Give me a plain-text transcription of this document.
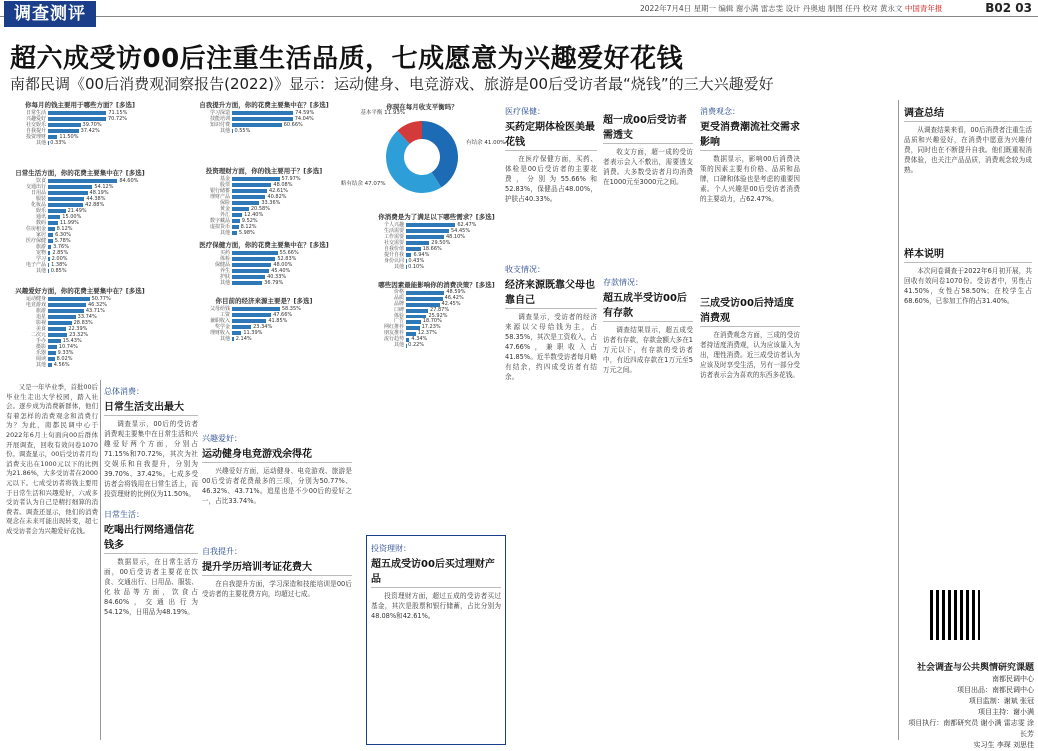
2022年7月4日 星期一 编辑 谢小满 雷志雯 设计 丹奥迪 制图 任丹 校对 黄永文 中国青年报	B02 03
调查测评
超六成受访00后注重生活品质，七成愿意为兴趣爱好花钱
南都民调《00后消费观洞察报告(2022)》显示：运动健身、电竞游戏、旅游是00后受访者最“烧钱”的三大兴趣爱好
你每月的钱主要用于哪些方面？[多选]
日常生活	71.15%
兴趣爱好	70.72%
社交娱乐	39.70%
自我提升	37.42%
投资理财	11.50%
其他 0.33%
日常生活方面，你的花费主要集中在？[多选]
饮食	84.60%
交通出行	54.12%
日用品	48.19%
服装	44.38%
化妆品	42.88%
娱乐	21.49%
通讯	15.00%
数码	11.99%
住房租金 8.12%
家居 6.30%
医疗保健 5.78%
旅游 3.76%
宠物 2.85%
学习 2.00%
电子产品 1.38%
其他 0.85%
兴趣爱好方面，你的花费主要集中在？[多选]
运动健身	50.77%
电竞游戏	46.32%
旅游	43.71%
追星	33.74%
影视	28.83%
美食	22.39%
二次元	23.32%
手办	15.43%
摄影	10.74%
乐器 9.33%
阅读 8.02%
其他 4.56%
自我提升方面，你的花费主要集中在？[多选]
学习深造	74.59%
技能培训	74.04%
知识付费	60.66%
其他 0.55%
投资理财方面，你的钱主要用于？[多选]
基金	57.97%
股票	48.08%
银行储蓄	42.61%
理财产品	40.82%
保险	33.36%
黄金	20.58%
外汇	12.40%
数字藏品 9.52%
虚拟货币 8.12%
其他 5.98%
医疗保健方面，你的花费主要集中在？[多选]
买药	55.66%
体检	52.83%
保健品	48.00%
养生	45.40%
护肤	40.33%
其他	36.79%
你目前的经济来源主要是？[多选]
父母给钱	58.35%
工资	47.66%
兼职收入	41.85%
奖学金	23.34%
理财收入	11.39%
其他 2.14%
你现在每月收支平衡吗？
有结余 41.00%
略有结余 47.07%
基本平衡 11.93%
你消费是为了满足以下哪些需求？[多选]
个人兴趣	62.47%
生活需要	54.45%
工作需要	48.10%
社交需要	29.50%
自我价值	18.66%
提升自我 6.94%
身份认同 0.43%
其他 0.10%
哪些因素最能影响你的消费决策？[多选]
价格	48.59%
品质	46.42%
品牌	42.45%
口碑	27.87%
体验	25.92%
广告	18.70%
网红推荐	17.23%
朋友推荐	12.37%
流行趋势 4.34%
其他 0.22%
又是一年毕业季，首批00后毕业生走出大学校园，踏入社会。逐步成为消费新群体，他们有着怎样的消费观念和消费行为？为此，南都民调中心于2022年6月上旬面向00后群体开展调查，回收有效问卷1070份。调查显示，00后受访者月均消费支出在1000元以下的比例为21.86%，大多受访者在2000元以下。七成受访者将钱主要用于日常生活和兴趣爱好，六成多受访者认为自己是精打细算的消费者。调查还显示，他们的消费观念在未来可能出现转变，超七成受访者会为兴趣爱好花钱。
总体消费：
日常生活支出最大
调查显示，00后的受访者消费观主要集中在日常生活和兴趣爱好两个方面，分别占71.15%和70.72%，其次为社交娱乐和自我提升，分别为39.70%、37.42%。七成多受访者会将钱用在日常生活上，而投资理财的比例仅为11.50%。
日常生活：
吃喝出行网络通信花钱多
数据显示，在日常生活方面，00后受访者主要花在饮食、交通出行、日用品、服装、化妆品等方面，饮食占84.60%，交通出行为54.12%，日用品为48.19%。
兴趣爱好：
运动健身电竞游戏余得花
兴趣爱好方面，运动健身、电竞游戏、旅游是00后受访者花费最多的三项，分别为50.77%、46.32%、43.71%。追星也是不少00后的爱好之一，占比33.74%。
自我提升：
提升学历培训考证花费大
在自我提升方面，学习深造和技能培训是00后受访者的主要花费方向，均超过七成。
医疗保健：
买药定期体检医美最花钱
在医疗保健方面，买药、体检是00后受访者的主要花费，分别为55.66%和52.83%，保健品占48.00%，护肤占40.33%。
收支情况：
经济来源既靠父母也靠自己
调查显示，受访者的经济来源以父母给钱为主，占58.35%，其次是工资收入，占47.66%，兼职收入占41.85%。近半数受访者每月略有结余，约四成受访者有结余。
投资理财：
超五成受访00后买过理财产品
投资理财方面，超过五成的受访者买过基金，其次是股票和银行储蓄，占比分别为48.08%和42.61%。
超一成00后受访者需透支
收支方面，超一成的受访者表示会入不敷出，需要透支消费。大多数受访者月均消费在1000元至3000元之间。
存款情况：
超五成半受访00后有存款
调查结果显示，超五成受访者有存款，存款金额大多在1万元以下，有存款的受访者中，有近四成存款在1万元至5万元之间。
消费观念：
更受消费潮流社交需求影响
数据显示，影响00后消费决策的因素主要有价格、品质和品牌，口碑和体验也是考虑的重要因素。个人兴趣是00后受访者消费的主要动力，占62.47%。
三成受访00后持适度消费观
在消费观念方面，三成的受访者持适度消费观，认为应该量入为出，理性消费。近三成受访者认为应该及时享受生活，另有一部分受访者表示会为喜欢的东西多花钱。
调查总结
从调查结果来看，00后消费者注重生活品质和兴趣爱好，在消费中愿意为兴趣付费，同时也在不断提升自我。他们既重视消费体验，也关注产品品质，消费观念较为成熟。
样本说明
本次问卷调查于2022年6月初开展，共回收有效问卷1070份。受访者中，男性占41.50%，女性占58.50%；在校学生占68.60%，已参加工作的占31.40%。
社会调查与公共舆情研究课题
南都民调中心
项目出品：南都民调中心
项目监制：谢斌 张冠
项目主持：谢小满
项目执行：南都研究员 谢小满 雷志雯 涂长芳
实习生 李琛 刘思佳
